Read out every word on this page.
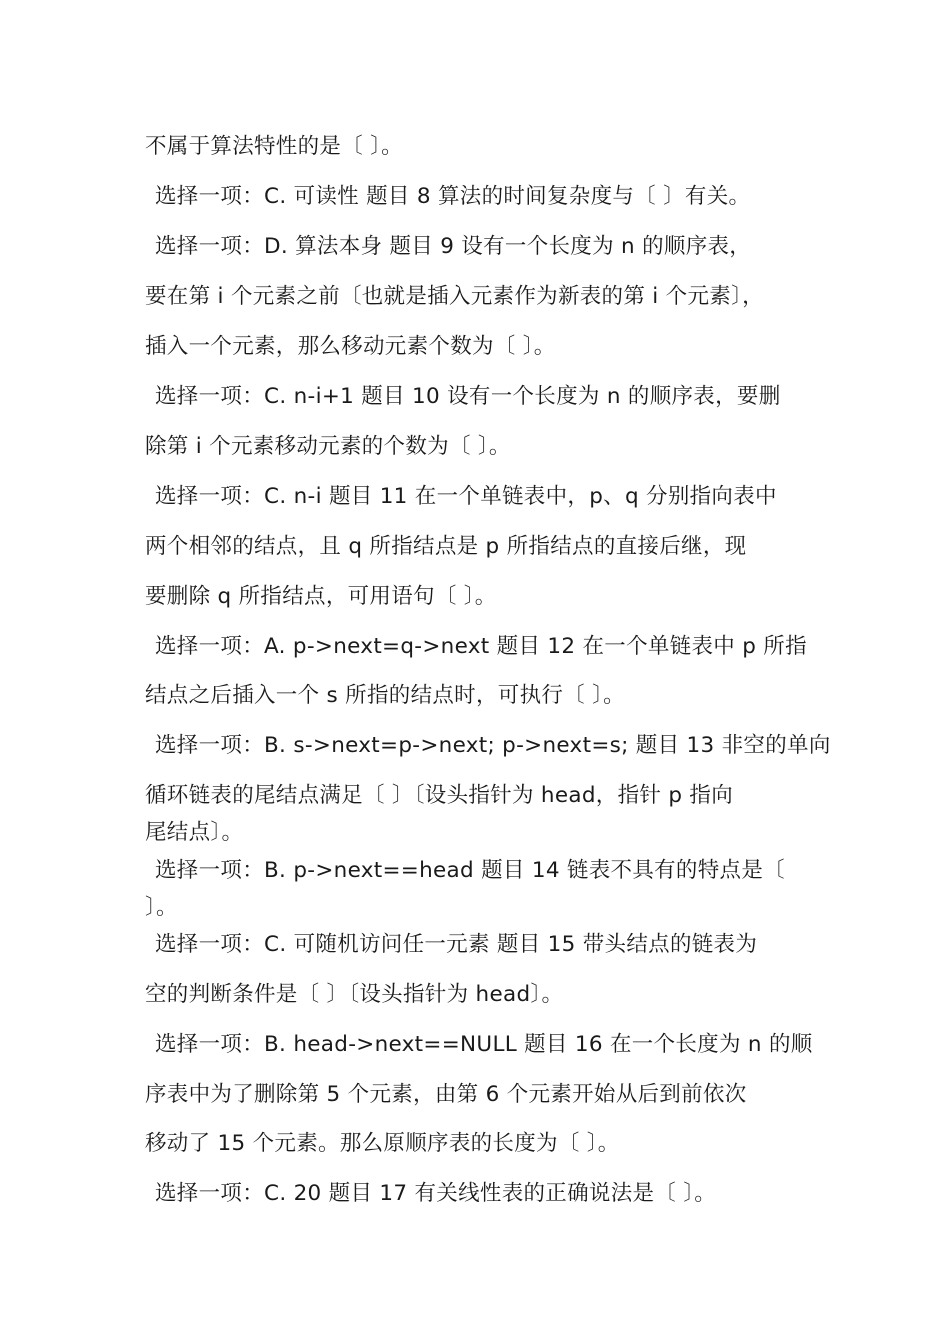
不属于算法特性的是〔 〕。
选择一项：C. 可读性 题目 8 算法的时间复杂度与〔 〕有关。
选择一项：D. 算法本身 题目 9 设有一个长度为 n 的顺序表，
要在第 i 个元素之前〔也就是插入元素作为新表的第 i 个元素〕，
插入一个元素，那么移动元素个数为〔 〕。
选择一项：C. n-i+1 题目 10 设有一个长度为 n 的顺序表，要删
除第 i 个元素移动元素的个数为〔 〕。
选择一项：C. n-i 题目 11 在一个单链表中，p、q 分别指向表中
两个相邻的结点，且 q 所指结点是 p 所指结点的直接后继，现
要删除 q 所指结点，可用语句〔 〕。
选择一项：A. p->next=q->next 题目 12 在一个单链表中 p 所指
结点之后插入一个 s 所指的结点时，可执行〔 〕。
选择一项：B. s->next=p->next; p->next=s; 题目 13 非空的单向
循环链表的尾结点满足〔 〕〔设头指针为 head，指针 p 指向
尾结点〕。
选择一项：B. p->next==head 题目 14 链表不具有的特点是〔
〕。
选择一项：C. 可随机访问任一元素 题目 15 带头结点的链表为
空的判断条件是〔 〕〔设头指针为 head〕。
选择一项：B. head->next==NULL 题目 16 在一个长度为 n 的顺
序表中为了删除第 5 个元素，由第 6 个元素开始从后到前依次
移动了 15 个元素。那么原顺序表的长度为〔 〕。
选择一项：C. 20 题目 17 有关线性表的正确说法是〔 〕。
